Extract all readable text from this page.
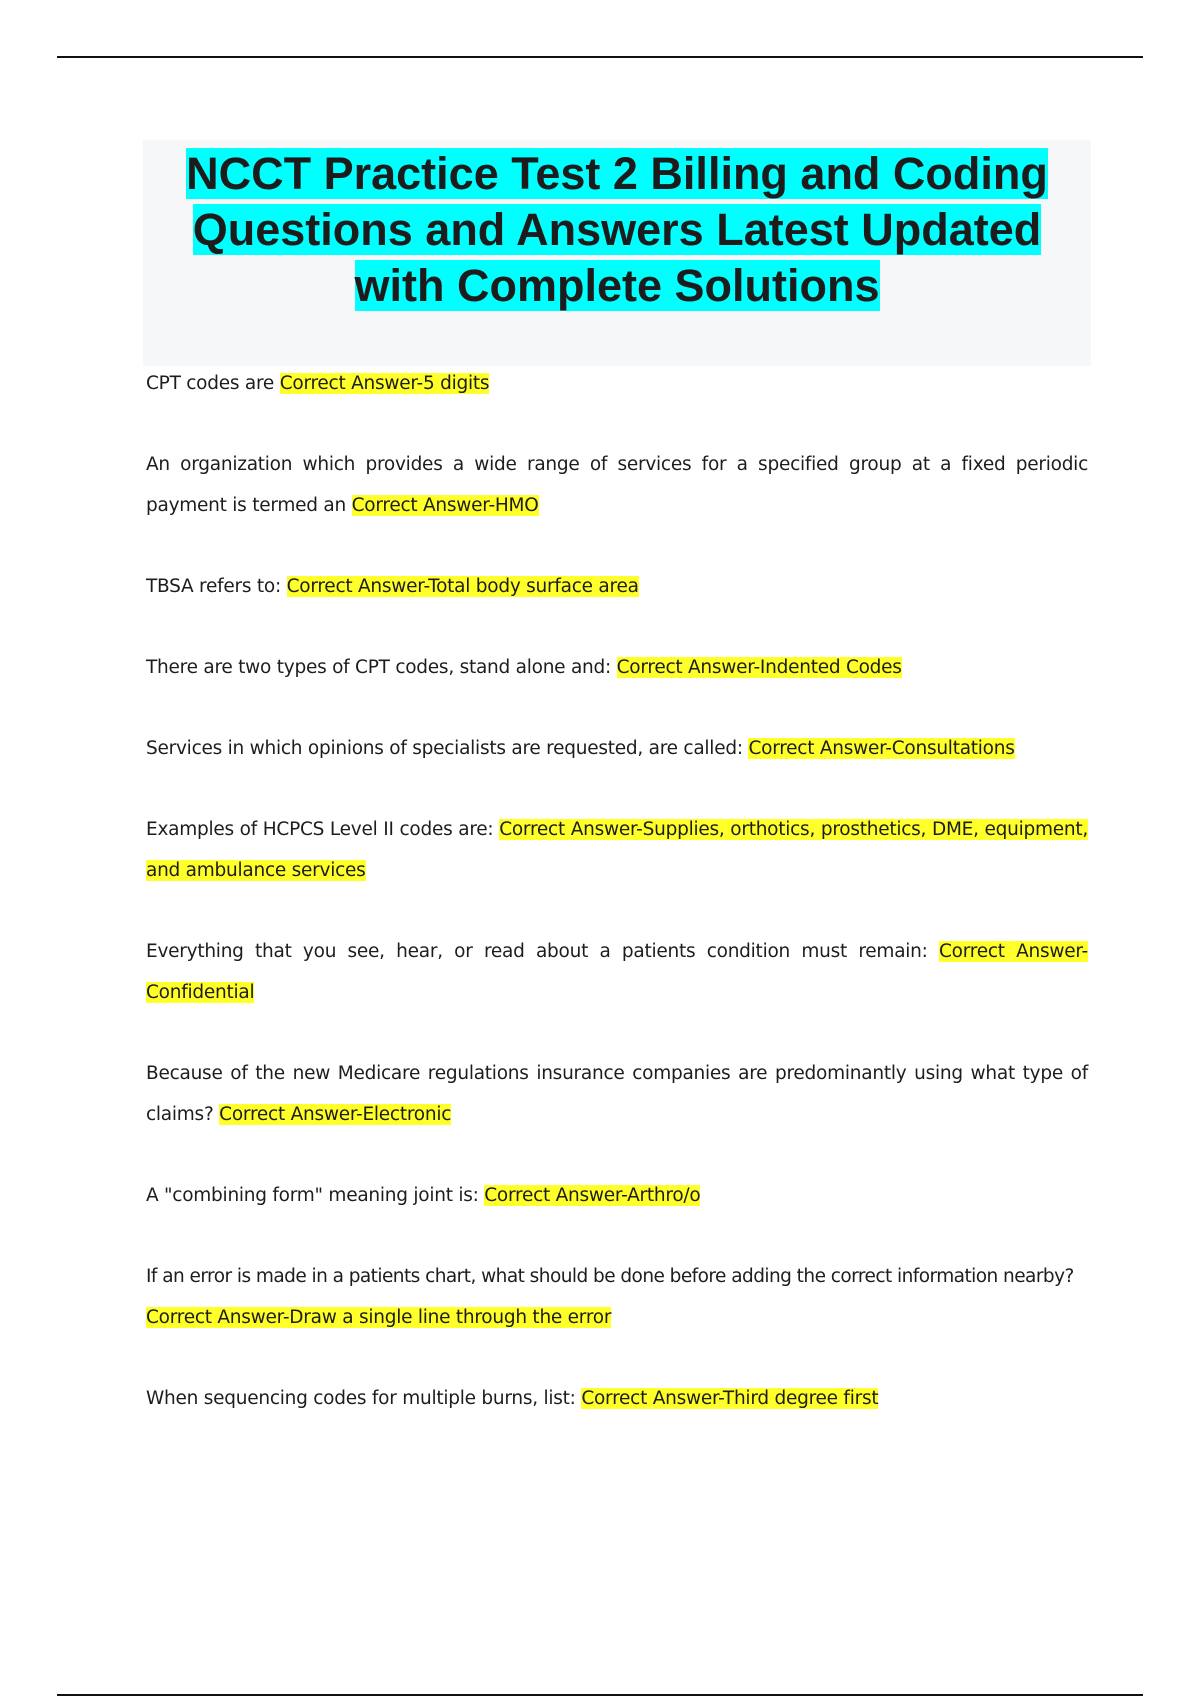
NCCT Practice Test 2 Billing and Coding Questions and Answers Latest Updated with Complete Solutions

CPT codes are Correct Answer-5 digits

An organization which provides a wide range of services for a specified group at a fixed periodic payment is termed an Correct Answer-HMO

TBSA refers to: Correct Answer-Total body surface area

There are two types of CPT codes, stand alone and: Correct Answer-Indented Codes

Services in which opinions of specialists are requested, are called: Correct Answer-Consultations

Examples of HCPCS Level II codes are: Correct Answer-Supplies, orthotics, prosthetics, DME, equipment, and ambulance services

Everything that you see, hear, or read about a patients condition must remain: Correct Answer-Confidential

Because of the new Medicare regulations insurance companies are predominantly using what type of claims? Correct Answer-Electronic

A "combining form" meaning joint is: Correct Answer-Arthro/o

If an error is made in a patients chart, what should be done before adding the correct information nearby? Correct Answer-Draw a single line through the error

When sequencing codes for multiple burns, list: Correct Answer-Third degree first
